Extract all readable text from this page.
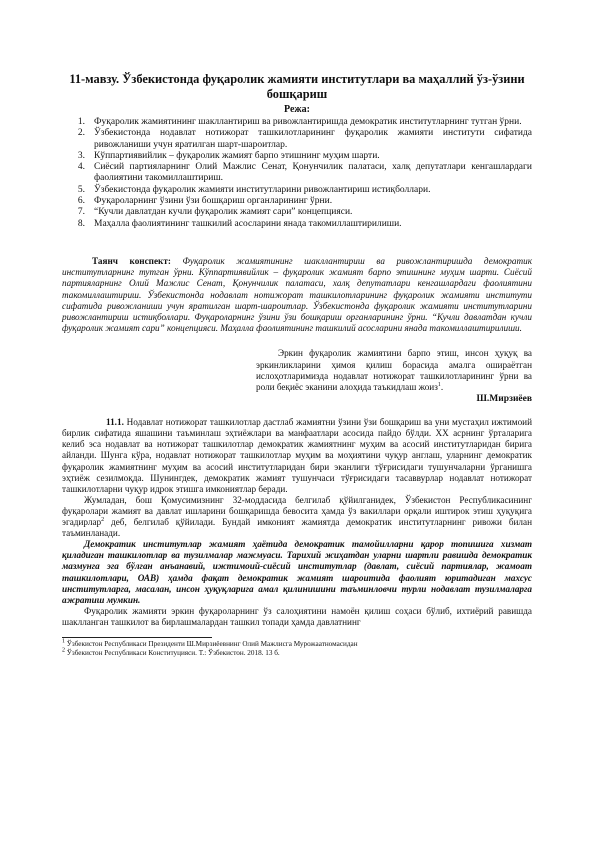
11-мавзу. Ўзбекистонда фуқаролик жамияти институтлари ва маҳаллий ўз-ўзини бошқариш
Режа:
1. Фуқаролик жамиятининг шакллантириш ва ривожлантиришда демократик институтларнинг тутган ўрни.
2. Ўзбекистонда нодавлат нотижорат ташкилотларининг фуқаролик жамияти институти сифатида ривожланиши учун яратилган шарт-шароитлар.
3. Кўппартиявийлик – фуқаролик жамият барпо этишнинг муҳим шарти.
4. Сиёсий партияларнинг Олий Мажлис Сенат, Қонунчилик палатаси, халқ депутатлари кенгашлардаги фаолиятини такомиллаштириш.
5. Ўзбекистонда фуқаролик жамияти институтларини ривожлантириш истиқболлари.
6. Фуқароларнинг ўзини ўзи бошқариш органларининг ўрни.
7. “Кучли давлатдан кучли фуқаролик жамият сари” концепцияси.
8. Маҳалла фаолиятининг ташкилий асосларини янада такомиллаштирилиши.

Таянч конспект: Фуқаролик жамиятининг шакллантириш ва ривожлантиришда демократик институтларнинг тутган ўрни. Кўппартиявийлик – фуқаролик жамият барпо этишнинг муҳим шарти. Сиёсий партияларнинг Олий Мажлис Сенат, Қонунчилик палатаси, халқ депутатлари кенгашлардаги фаолиятини такомиллаштириш. Ўзбекистонда нодавлат нотижорат ташкилотларининг фуқаролик жамияти институти сифатида ривожланиши учун яратилган шарт-шароитлар. Ўзбекистонда фуқаролик жамияти институтларини ривожлантириш истиқболлари. Фуқароларнинг ўзини ўзи бошқариш органларининг ўрни. “Кучли давлатдан кучли фуқаролик жамият сари” концепцияси. Маҳалла фаолиятининг ташкилий асосларини янада такомиллаштирилиши.

Эркин фуқаролик жамиятини барпо этиш, инсон ҳуқуқ ва эркинликларини ҳимоя қилиш борасида амалга ошираётган ислоҳотларимизда нодавлат нотижорат ташкилотларининг ўрни ва роли беқиёс эканини алоҳида таъкидлаш жоиз$^1$.
Ш.Мирзиёев

11.1. Нодавлат нотижорат ташкилотлар дастлаб жамиятни ўзини ўзи бошқариш ва уни мустаҳил ижтимоий бирлик сифатида яшашини таъминлаш эҳтиёжлари ва манфаатлари асосида пайдо бўлди. XX асрнинг ўрталарига келиб эса нодавлат ва нотижорат ташкилотлар демократик жамиятнинг муҳим ва асосий институтларидан бирига айланди. Шунга кўра, нодавлат нотижорат ташкилотлар муҳим ва моҳиятини чуқур англаш, уларнинг демократик фуқаролик жамиятнинг муҳим ва асосий институтларидан бири эканлиги тўғрисидаги тушунчаларни ўрганишга эҳтиёж сезилмоқда. Шунингдек, демократик жамият тушунчаси тўғрисидаги тасаввурлар нодавлат нотижорат ташкилотларни чуқур идрок этишга имкониятлар беради.

Жумладан, бош Қомусимизнинг 32-моддасида белгилаб қўйилганидек, Ўзбекистон Республикасининг фуқаролари жамият ва давлат ишларини бошқаришда бевосита ҳамда ўз вакиллари орқали иштирок этиш ҳуқуқига эгадирлар$^2$ деб, белгилаб қўйилади. Бундай имконият жамиятда демократик институтларнинг ривожи билан таъминланади.

Демократик институтлар жамият ҳаётида демократик тамойилларни қарор топишига хизмат қиладиган ташкилотлар ва тузилмалар мажмуаси. Тарихий жиҳатдан уларни шартли равишда демократик мазмунга эга бўлган анъанавий, ижтимоий-сиёсий институтлар (давлат, сиёсий партиялар, жамоат ташкилотлари, ОАВ) ҳамда фақат демократик жамият шароитида фаолият юритадиган махсус институтларга, масалан, инсон ҳуқуқларига амал қилинишини таъминловчи турли нодавлат тузилмаларга ажратиш мумкин.

Фуқаролик жамияти эркин фуқароларнинг ўз салоҳиятини намоён қилиш соҳаси бўлиб, ихтиёрий равишда шаклланган ташкилот ва бирлашмалардан ташкил топади ҳамда давлатнинг

$^1$ Ўзбекистон Республикаси Президенти Ш.Мирзиёевнинг Олий Мажлисга Мурожаатномасидан
$^2$ Ўзбекистон Республикаси Конституцияси. Т.: Ўзбекистон. 2018. 13 б.
